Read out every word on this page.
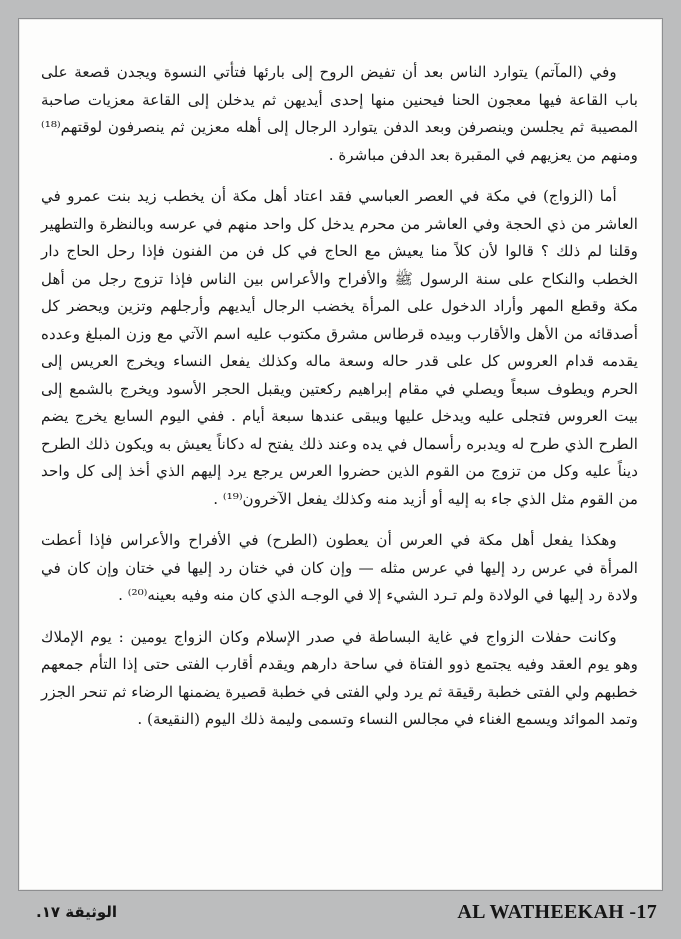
وفي (المآتم) يتوارد الناس بعد أن تفيض الروح إلى بارئها فتأتي النسوة ويجدن قصعة على باب القاعة فيها معجون الحنا فيحنين منها إحدى أيديهن ثم يدخلن إلى القاعة معزيات صاحبة المصيبة ثم يجلسن وينصرفن وبعد الدفن يتوارد الرجال إلى أهله معزين ثم ينصرفون لوقتهم⁽¹⁸⁾ ومنهم من يعزيهم في المقبرة بعد الدفن مباشرة .

أما (الزواج) في مكة في العصر العباسي فقد اعتاد أهل مكة أن يخطب زيد بنت عمرو في العاشر من ذي الحجة وفي العاشر من محرم يدخل كل واحد منهم في عرسه وبالنظرة والتطهير وقلنا لم ذلك ؟ قالوا لأن كلاً منا يعيش مع الحاج في كل فن من الفنون فإذا رحل الحاج دار الخطب والنكاح على سنة الرسول ﷺ والأفراح والأعراس بين الناس فإذا تزوج رجل من أهل مكة وقطع المهر وأراد الدخول على المرأة يخضب الرجال أيديهم وأرجلهم وتزين ويحضر كل أصدقائه من الأهل والأقارب وبيده قرطاس مشرق مكتوب عليه اسم الآتي مع وزن المبلغ وعدده يقدمه قدام العروس كل على قدر حاله وسعة ماله وكذلك يفعل النساء ويخرج العريس إلى الحرم ويطوف سبعاً ويصلي في مقام إبراهيم ركعتين ويقبل الحجر الأسود ويخرج بالشمع إلى بيت العروس فتجلى عليه ويدخل عليها ويبقى عندها سبعة أيام . ففي اليوم السابع يخرج يضم الطرح الذي طرح له ويدبره رأسمال في يده وعند ذلك يفتح له دكاناً يعيش به ويكون ذلك الطرح ديناً عليه وكل من تزوج من القوم الذين حضروا العرس يرجع يرد إليهم الذي أخذ إلى كل واحد من القوم مثل الذي جاء به إليه أو أزيد منه وكذلك يفعل الآخرون⁽¹⁹⁾ .

وهكذا يفعل أهل مكة في العرس أن يعطون (الطرح) في الأفراح والأعراس فإذا أعطت المرأة في عرس رد إليها في عرس مثله — وإن كان في ختان رد إليها في ختان وإن كان في ولادة رد إليها في الولادة ولم تـرد الشيء إلا في الوجـه الذي كان منه وفيه بعينه⁽²⁰⁾ .

وكانت حفلات الزواج في غاية البساطة في صدر الإسلام وكان الزواج يومين : يوم الإملاك وهو يوم العقد وفيه يجتمع ذوو الفتاة في ساحة دارهم ويقدم أقارب الفتى حتى إذا التأم جمعهم خطبهم ولي الفتى خطبة رقيقة ثم يرد ولي الفتى في خطبة قصيرة يضمنها الرضاء ثم تنحر الجزر وتمد الموائد ويسمع الغناء في مجالس النساء وتسمى وليمة ذلك اليوم (النقيعة) .

الوثيقة ١٧.	AL WATHEEKAH -17
